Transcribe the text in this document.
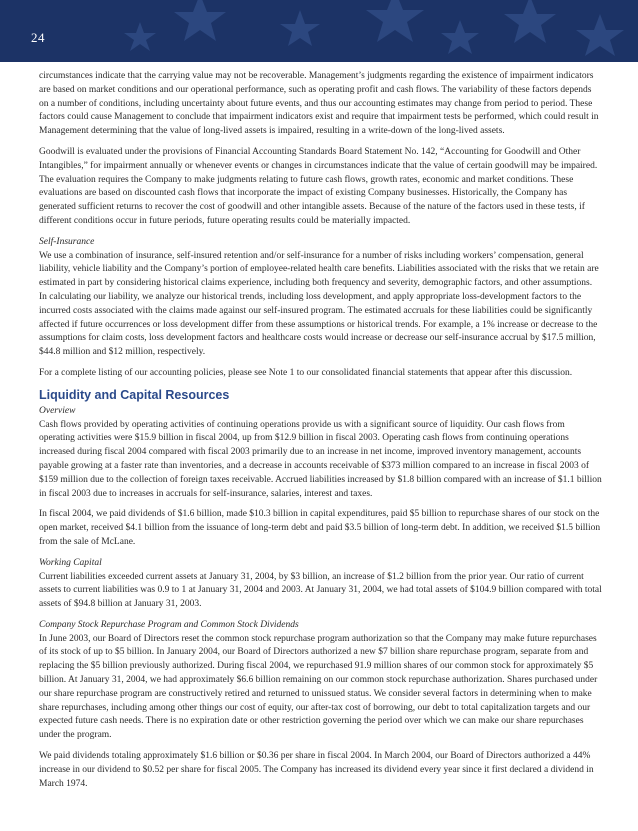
24

circumstances indicate that the carrying value may not be recoverable. Management’s judgments regarding the existence of impairment indicators are based on market conditions and our operational performance, such as operating profit and cash flows. The variability of these factors depends on a number of conditions, including uncertainty about future events, and thus our accounting estimates may change from period to period. These factors could cause Management to conclude that impairment indicators exist and require that impairment tests be performed, which could result in Management determining that the value of long-lived assets is impaired, resulting in a write-down of the long-lived assets.

Goodwill is evaluated under the provisions of Financial Accounting Standards Board Statement No. 142, “Accounting for Goodwill and Other Intangibles,” for impairment annually or whenever events or changes in circumstances indicate that the value of certain goodwill may be impaired. The evaluation requires the Company to make judgments relating to future cash flows, growth rates, economic and market conditions. These evaluations are based on discounted cash flows that incorporate the impact of existing Company businesses. Historically, the Company has generated sufficient returns to recover the cost of goodwill and other intangible assets. Because of the nature of the factors used in these tests, if different conditions occur in future periods, future operating results could be materially impacted.

Self-Insurance

We use a combination of insurance, self-insured retention and/or self-insurance for a number of risks including workers’ compensation, general liability, vehicle liability and the Company’s portion of employee-related health care benefits. Liabilities associated with the risks that we retain are estimated in part by considering historical claims experience, including both frequency and severity, demographic factors, and other assumptions. In calculating our liability, we analyze our historical trends, including loss development, and apply appropriate loss-development factors to the incurred costs associated with the claims made against our self-insured program. The estimated accruals for these liabilities could be significantly affected if future occurrences or loss development differ from these assumptions or historical trends. For example, a 1% increase or decrease to the assumptions for claim costs, loss development factors and healthcare costs would increase or decrease our self-insurance accrual by $17.5 million, $44.8 million and $12 million, respectively.

For a complete listing of our accounting policies, please see Note 1 to our consolidated financial statements that appear after this discussion.

Liquidity and Capital Resources
Overview

Cash flows provided by operating activities of continuing operations provide us with a significant source of liquidity. Our cash flows from operating activities were $15.9 billion in fiscal 2004, up from $12.9 billion in fiscal 2003. Operating cash flows from continuing operations increased during fiscal 2004 compared with fiscal 2003 primarily due to an increase in net income, improved inventory management, accounts payable growing at a faster rate than inventories, and a decrease in accounts receivable of $373 million compared to an increase in fiscal 2003 of $159 million due to the collection of foreign taxes receivable. Accrued liabilities increased by $1.8 billion compared with an increase of $1.1 billion in fiscal 2003 due to increases in accruals for self-insurance, salaries, interest and taxes.

In fiscal 2004, we paid dividends of $1.6 billion, made $10.3 billion in capital expenditures, paid $5 billion to repurchase shares of our stock on the open market, received $4.1 billion from the issuance of long-term debt and paid $3.5 billion of long-term debt. In addition, we received $1.5 billion from the sale of McLane.

Working Capital

Current liabilities exceeded current assets at January 31, 2004, by $3 billion, an increase of $1.2 billion from the prior year. Our ratio of current assets to current liabilities was 0.9 to 1 at January 31, 2004 and 2003. At January 31, 2004, we had total assets of $104.9 billion compared with total assets of $94.8 billion at January 31, 2003.

Company Stock Repurchase Program and Common Stock Dividends

In June 2003, our Board of Directors reset the common stock repurchase program authorization so that the Company may make future repurchases of its stock of up to $5 billion. In January 2004, our Board of Directors authorized a new $7 billion share repurchase program, separate from and replacing the $5 billion previously authorized. During fiscal 2004, we repurchased 91.9 million shares of our common stock for approximately $5 billion. At January 31, 2004, we had approximately $6.6 billion remaining on our common stock repurchase authorization. Shares purchased under our share repurchase program are constructively retired and returned to unissued status. We consider several factors in determining when to make share repurchases, including among other things our cost of equity, our after-tax cost of borrowing, our debt to total capitalization targets and our expected future cash needs. There is no expiration date or other restriction governing the period over which we can make our share repurchases under the program.

We paid dividends totaling approximately $1.6 billion or $0.36 per share in fiscal 2004. In March 2004, our Board of Directors authorized a 44% increase in our dividend to $0.52 per share for fiscal 2005. The Company has increased its dividend every year since it first declared a dividend in March 1974.
